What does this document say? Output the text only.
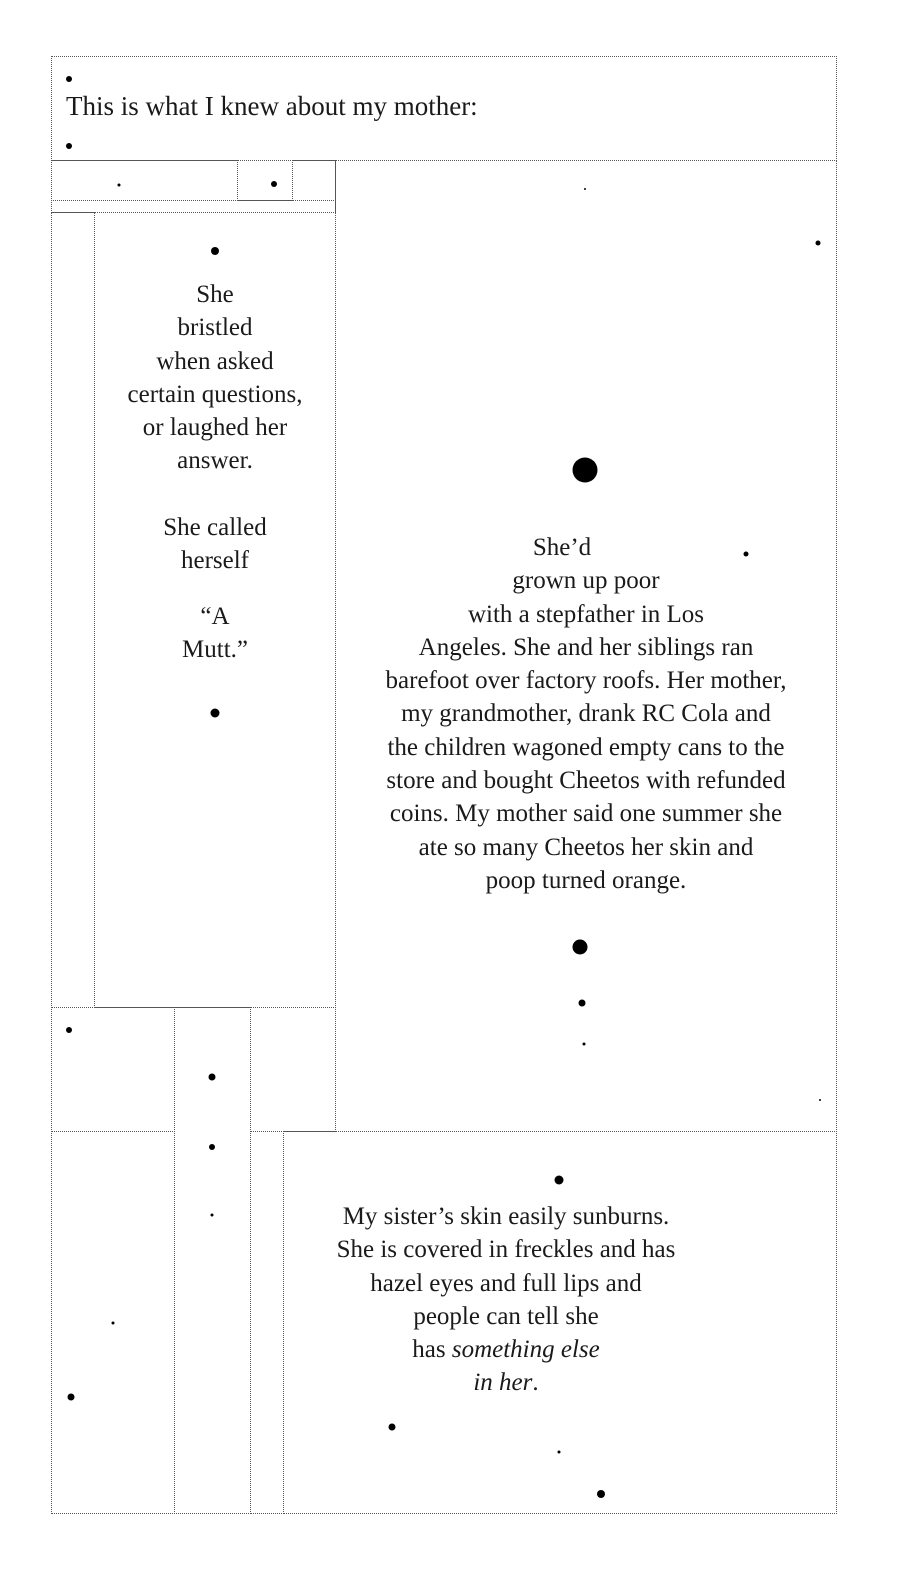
This is what I knew about my mother:
She
bristled
when asked
certain questions,
or laughed her
answer.
She called
herself
“A
Mutt.”
She’d
grown up poor
with a stepfather in Los
Angeles. She and her siblings ran
barefoot over factory roofs. Her mother,
my grandmother, drank RC Cola and
the children wagoned empty cans to the
store and bought Cheetos with refunded
coins. My mother said one summer she
ate so many Cheetos her skin and
poop turned orange.
My sister’s skin easily sunburns.
She is covered in freckles and has
hazel eyes and full lips and
people can tell she
has something else
in her.
